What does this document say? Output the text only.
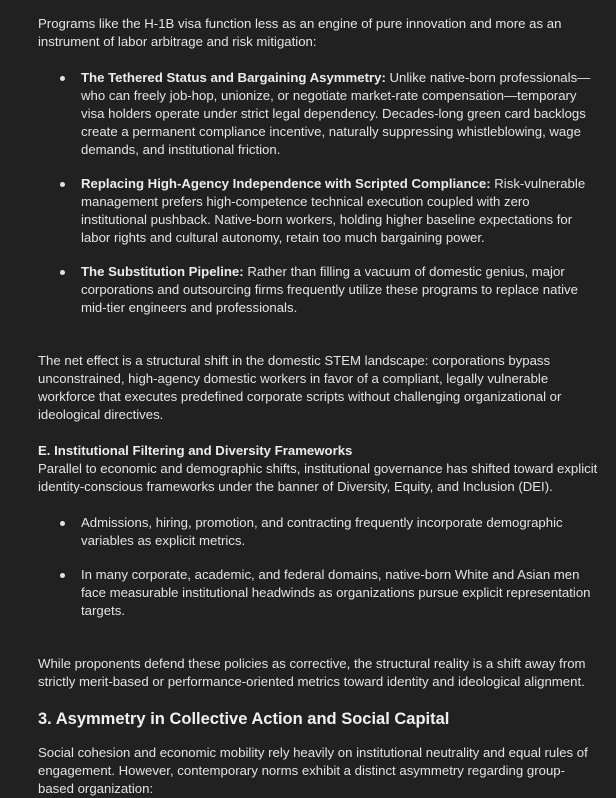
Programs like the H-1B visa function less as an engine of pure innovation and more as an instrument of labor arbitrage and risk mitigation:

The Tethered Status and Bargaining Asymmetry: Unlike native-born professionals—who can freely job-hop, unionize, or negotiate market-rate compensation—temporary visa holders operate under strict legal dependency. Decades-long green card backlogs create a permanent compliance incentive, naturally suppressing whistleblowing, wage demands, and institutional friction.
Replacing High-Agency Independence with Scripted Compliance: Risk-vulnerable management prefers high-competence technical execution coupled with zero institutional pushback. Native-born workers, holding higher baseline expectations for labor rights and cultural autonomy, retain too much bargaining power.
The Substitution Pipeline: Rather than filling a vacuum of domestic genius, major corporations and outsourcing firms frequently utilize these programs to replace native mid-tier engineers and professionals.

The net effect is a structural shift in the domestic STEM landscape: corporations bypass unconstrained, high-agency domestic workers in favor of a compliant, legally vulnerable workforce that executes predefined corporate scripts without challenging organizational or ideological directives.

E. Institutional Filtering and Diversity Frameworks

Parallel to economic and demographic shifts, institutional governance has shifted toward explicit identity-conscious frameworks under the banner of Diversity, Equity, and Inclusion (DEI).

Admissions, hiring, promotion, and contracting frequently incorporate demographic variables as explicit metrics.
In many corporate, academic, and federal domains, native-born White and Asian men face measurable institutional headwinds as organizations pursue explicit representation targets.

While proponents defend these policies as corrective, the structural reality is a shift away from strictly merit-based or performance-oriented metrics toward identity and ideological alignment.

3. Asymmetry in Collective Action and Social Capital

Social cohesion and economic mobility rely heavily on institutional neutrality and equal rules of engagement. However, contemporary norms exhibit a distinct asymmetry regarding group-based organization:
